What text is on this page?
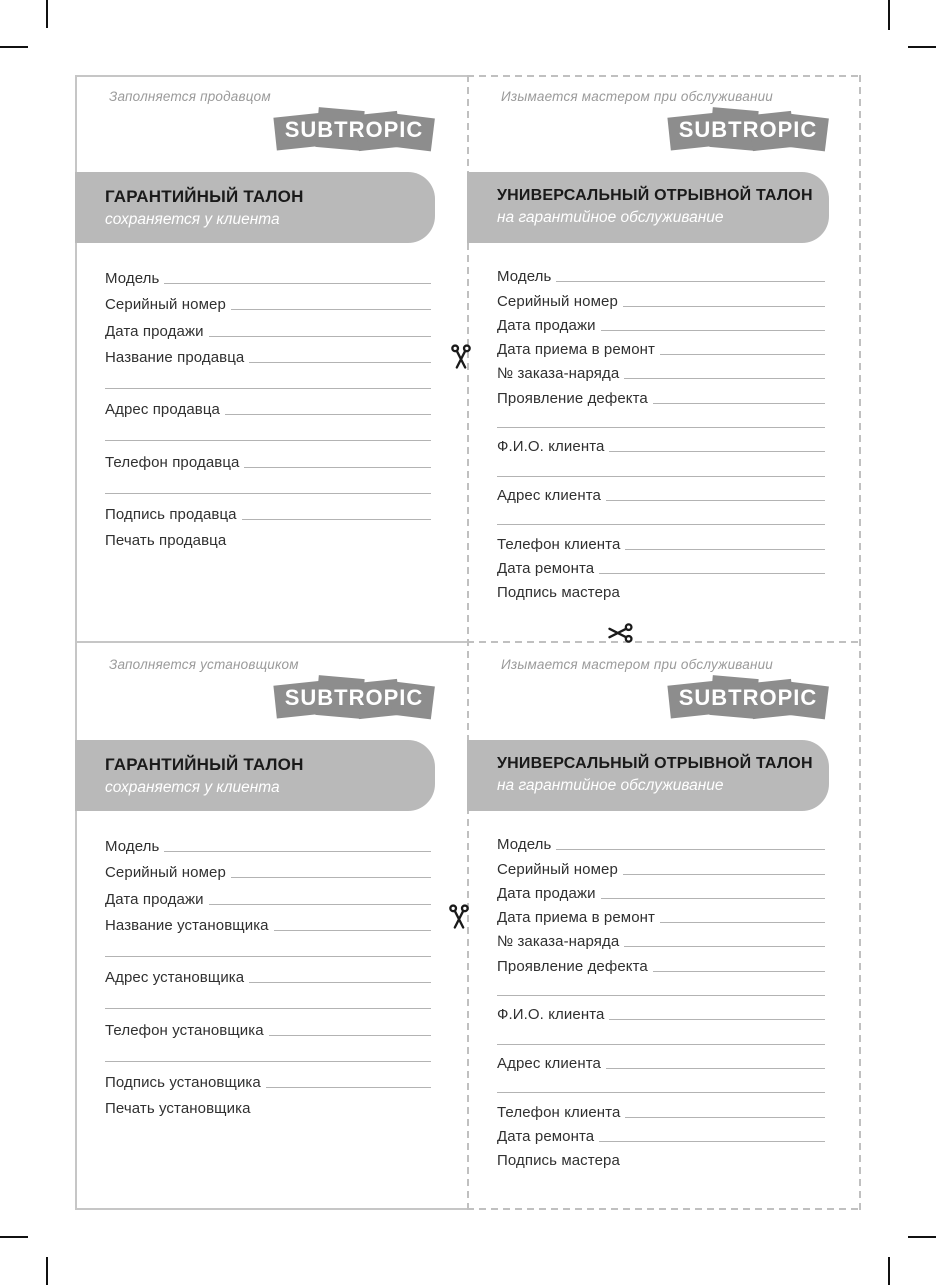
Заполняется продавцом
SUBTROPIC
ГАРАНТИЙНЫЙ ТАЛОН
сохраняется у клиента
Модель
Серийный номер
Дата продажи
Название продавца
Адрес продавца
Телефон продавца
Подпись продавца
Печать продавца
Изымается мастером при обслуживании
SUBTROPIC
УНИВЕРСАЛЬНЫЙ ОТРЫВНОЙ ТАЛОН
на гарантийное обслуживание
Модель
Серийный номер
Дата продажи
Дата приема в ремонт
№ заказа-наряда
Проявление дефекта
Ф.И.О. клиента
Адрес клиента
Телефон клиента
Дата ремонта
Подпись мастера
Заполняется установщиком
SUBTROPIC
ГАРАНТИЙНЫЙ ТАЛОН
сохраняется у клиента
Модель
Серийный номер
Дата продажи
Название установщика
Адрес установщика
Телефон установщика
Подпись установщика
Печать установщика
Изымается мастером при обслуживании
SUBTROPIC
УНИВЕРСАЛЬНЫЙ ОТРЫВНОЙ ТАЛОН
на гарантийное обслуживание
Модель
Серийный номер
Дата продажи
Дата приема в ремонт
№ заказа-наряда
Проявление дефекта
Ф.И.О. клиента
Адрес клиента
Телефон клиента
Дата ремонта
Подпись мастера
